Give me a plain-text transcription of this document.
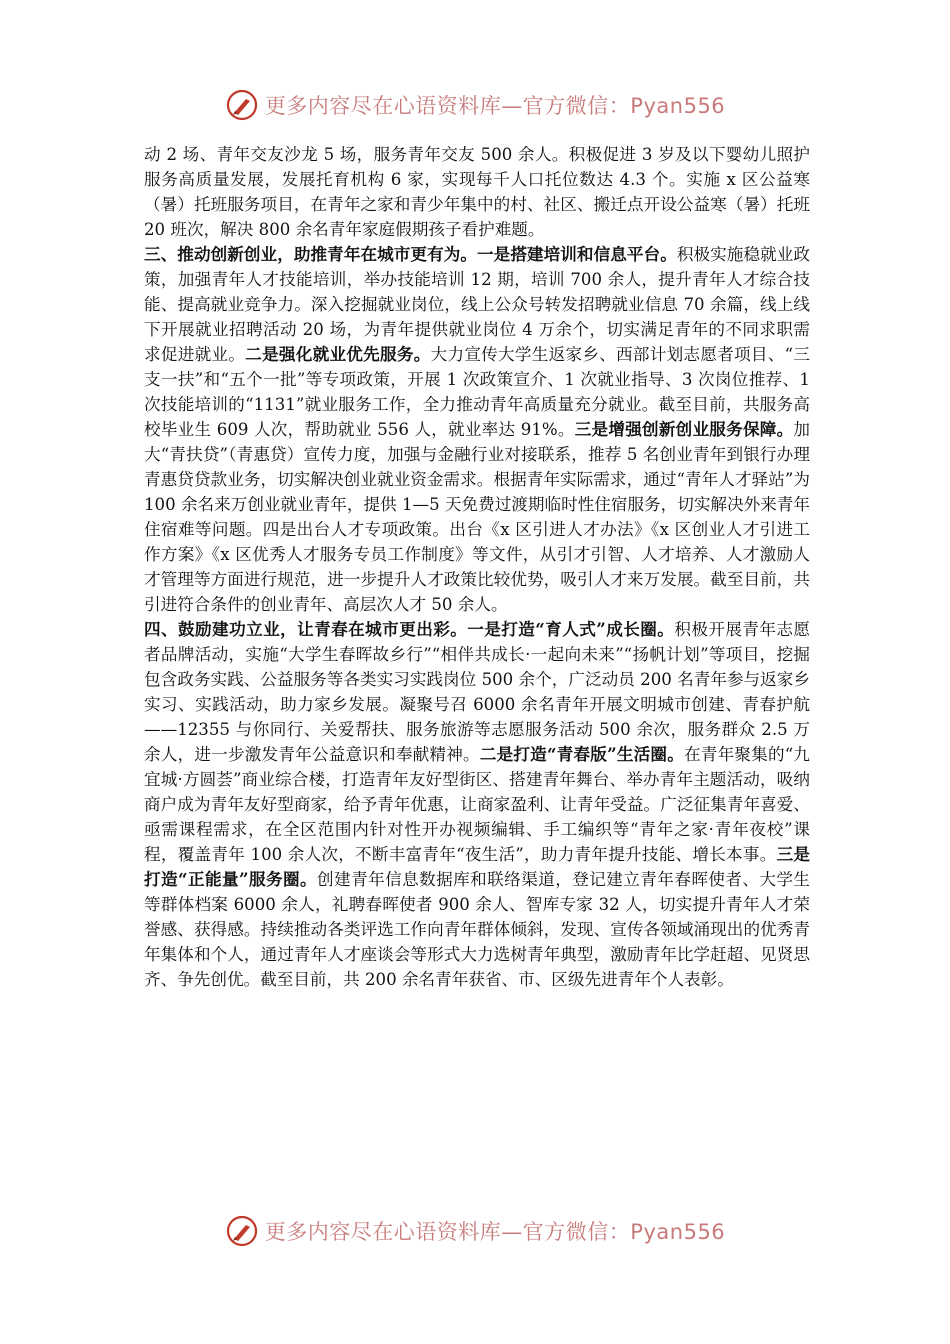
更多内容尽在心语资料库—官方微信：Pyan556

动 2 场、青年交友沙龙 5 场，服务青年交友 500 余人。积极促进 3 岁及以下婴幼儿照护服务高质量发展，发展托育机构 6 家，实现每千人口托位数达 4.3 个。实施 x 区公益寒（暑）托班服务项目，在青年之家和青少年集中的村、社区、搬迁点开设公益寒（暑）托班 20 班次，解决 800 余名青年家庭假期孩子看护难题。

三、推动创新创业，助推青年在城市更有为。一是搭建培训和信息平台。积极实施稳就业政策，加强青年人才技能培训，举办技能培训 12 期，培训 700 余人，提升青年人才综合技能、提高就业竞争力。深入挖掘就业岗位，线上公众号转发招聘就业信息 70 余篇，线上线下开展就业招聘活动 20 场，为青年提供就业岗位 4 万余个，切实满足青年的不同求职需求促进就业。二是强化就业优先服务。大力宣传大学生返家乡、西部计划志愿者项目、“三支一扶”和“五个一批”等专项政策，开展 1 次政策宣介、1 次就业指导、3 次岗位推荐、1 次技能培训的“1131”就业服务工作，全力推动青年高质量充分就业。截至目前，共服务高校毕业生 609 人次，帮助就业 556 人，就业率达 91%。三是增强创新创业服务保障。加大“青扶贷”（青惠贷）宣传力度，加强与金融行业对接联系，推荐 5 名创业青年到银行办理青惠贷贷款业务，切实解决创业就业资金需求。根据青年实际需求，通过“青年人才驿站”为 100 余名来万创业就业青年，提供 1—5 天免费过渡期临时性住宿服务，切实解决外来青年住宿难等问题。四是出台人才专项政策。出台《x 区引进人才办法》《x 区创业人才引进工作方案》《x 区优秀人才服务专员工作制度》等文件，从引才引智、人才培养、人才激励人才管理等方面进行规范，进一步提升人才政策比较优势，吸引人才来万发展。截至目前，共引进符合条件的创业青年、高层次人才 50 余人。

四、鼓励建功立业，让青春在城市更出彩。一是打造“育人式”成长圈。积极开展青年志愿者品牌活动，实施“大学生春晖故乡行”“相伴共成长·一起向未来”“扬帆计划”等项目，挖掘包含政务实践、公益服务等各类实习实践岗位 500 余个，广泛动员 200 名青年参与返家乡实习、实践活动，助力家乡发展。凝聚号召 6000 余名青年开展文明城市创建、青春护航——12355 与你同行、关爱帮扶、服务旅游等志愿服务活动 500 余次，服务群众 2.5 万余人，进一步激发青年公益意识和奉献精神。二是打造“青春版”生活圈。在青年聚集的“九宜城·方圆荟”商业综合楼，打造青年友好型街区、搭建青年舞台、举办青年主题活动，吸纳商户成为青年友好型商家，给予青年优惠，让商家盈利、让青年受益。广泛征集青年喜爱、亟需课程需求，在全区范围内针对性开办视频编辑、手工编织等“青年之家·青年夜校”课程，覆盖青年 100 余人次，不断丰富青年“夜生活”，助力青年提升技能、增长本事。三是打造“正能量”服务圈。创建青年信息数据库和联络渠道，登记建立青年春晖使者、大学生等群体档案 6000 余人，礼聘春晖使者 900 余人、智库专家 32 人，切实提升青年人才荣誉感、获得感。持续推动各类评选工作向青年群体倾斜，发现、宣传各领域涌现出的优秀青年集体和个人，通过青年人才座谈会等形式大力选树青年典型，激励青年比学赶超、见贤思齐、争先创优。截至目前，共 200 余名青年获省、市、区级先进青年个人表彰。

更多内容尽在心语资料库—官方微信：Pyan556
